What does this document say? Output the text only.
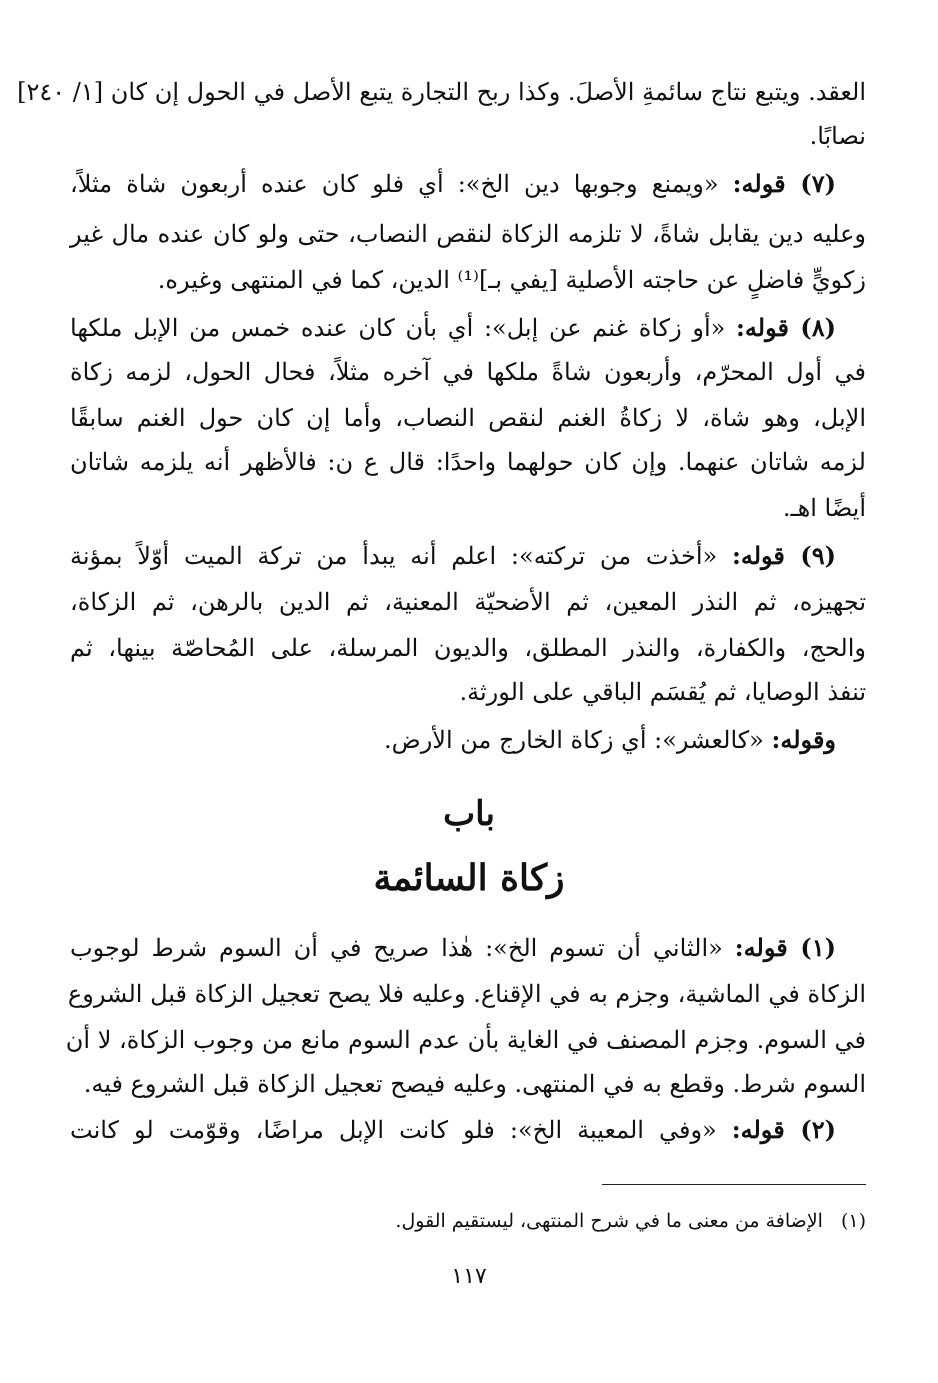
العقد. ويتبع نتاج سائمةِ الأصلَ. وكذا ربح التجارة يتبع الأصل في الحول إن كان [١/ ٢٤٠]
نصابًا.
(٧) قوله: «ويمنع وجوبها دين الخ»: أي فلو كان عنده أربعون شاة مثلاً،
وعليه دين يقابل شاةً، لا تلزمه الزكاة لنقص النصاب، حتى ولو كان عنده مال غير
زكويٍّ فاضلٍ عن حاجته الأصلية [يفي بـ]⁽¹⁾ الدين، كما في المنتهى وغيره.
(٨) قوله: «أو زكاة غنم عن إبل»: أي بأن كان عنده خمس من الإبل ملكها
في أول المحرّم، وأربعون شاةً ملكها في آخره مثلاً، فحال الحول، لزمه زكاة
الإبل، وهو شاة، لا زكاةُ الغنم لنقص النصاب، وأما إن كان حول الغنم سابقًا
لزمه شاتان عنهما. وإن كان حولهما واحدًا: قال ع ن: فالأظهر أنه يلزمه شاتان
أيضًا اهـ.
(٩) قوله: «أخذت من تركته»: اعلم أنه يبدأ من تركة الميت أوّلاً بمؤنة
تجهيزه، ثم النذر المعين، ثم الأضحيّة المعنية، ثم الدين بالرهن، ثم الزكاة،
والحج، والكفارة، والنذر المطلق، والديون المرسلة، على المُحاصّة بينها، ثم
تنفذ الوصايا، ثم يُقسَم الباقي على الورثة.
وقوله: «كالعشر»: أي زكاة الخارج من الأرض.
باب
زكاة السائمة
(١) قوله: «الثاني أن تسوم الخ»: هٰذا صريح في أن السوم شرط لوجوب
الزكاة في الماشية، وجزم به في الإقناع. وعليه فلا يصح تعجيل الزكاة قبل الشروع
في السوم. وجزم المصنف في الغاية بأن عدم السوم مانع من وجوب الزكاة، لا أن
السوم شرط. وقطع به في المنتهى. وعليه فيصح تعجيل الزكاة قبل الشروع فيه.
(٢) قوله: «وفي المعيبة الخ»: فلو كانت الإبل مراضًا، وقوّمت لو كانت
(١)الإضافة من معنى ما في شرح المنتهى، ليستقيم القول.
١١٧
